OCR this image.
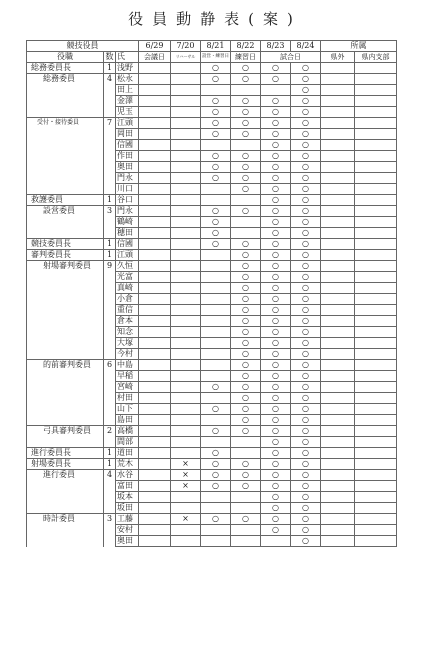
役員動静表(案)
競技役員			6/29	7/20	8/21	8/22	8/23	8/24	所属	
役職	数	氏	会議日	リハーサル	設営・練習日	練習日	試合日		県外	県内支部
総務委員長	1	浅野			○	○	○	○		
総務委員	4	松永			○	○	○	○		
		田上						○		
		金澤			○	○	○	○		
		児玉			○	○	○	○		
受付・接待委員	7	江頭			○	○	○	○		
		岡田			○	○	○	○		
		信國					○	○		
		作田			○	○	○	○		
		奥田			○	○	○	○		
		門永			○	○	○	○		
		川口				○	○	○		
救護委員	1	谷口					○	○		
設営委員	3	門永			○	○	○	○		
		鶴崎			○		○	○		
		穂田			○		○	○		
競技委員長	1	信國			○	○	○	○		
審判委員長	1	江頭				○	○	○		
射場審判委員	9	久恒				○	○	○		
		光富				○	○	○		
		真崎				○	○	○		
		小倉				○	○	○		
		重信				○	○	○		
		倉本				○	○	○		
		知念				○	○	○		
		大塚				○	○	○		
		今村				○	○	○		
的前審判委員	6	中島				○	○	○		
		早稲				○	○	○		
		宮崎			○	○	○	○		
		村田				○	○	○		
		山下			○	○	○	○		
		島田				○	○	○		
弓具審判委員	2	高橋			○	○	○	○		
		間部					○	○		
進行委員長	1	道田			○		○	○		
射場委員長	1	荒木		×	○	○	○	○		
進行委員	4	水谷		×	○	○	○	○		
		富田		×	○	○	○	○		
		坂本					○	○		
		坂田					○	○		
時計委員	3	工藤		×	○	○	○	○		
		安村					○	○		
		奥田						○		
